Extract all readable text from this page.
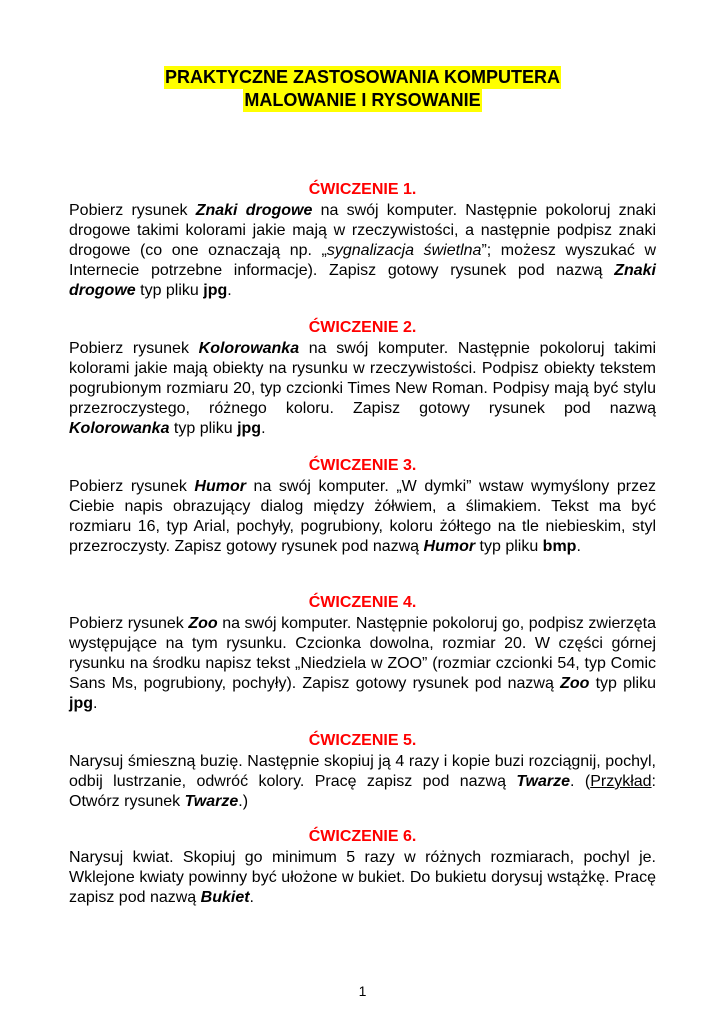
PRAKTYCZNE ZASTOSOWANIA KOMPUTERA
MALOWANIE I RYSOWANIE
ĆWICZENIE 1.

Pobierz rysunek Znaki drogowe na swój komputer. Następnie pokoloruj znaki drogowe takimi kolorami jakie mają w rzeczywistości, a następnie podpisz znaki drogowe (co one oznaczają np. „sygnalizacja świetlna”; możesz wyszukać w Internecie potrzebne informacje). Zapisz gotowy rysunek pod nazwą Znaki drogowe typ pliku jpg.

ĆWICZENIE 2.

Pobierz rysunek Kolorowanka na swój komputer. Następnie pokoloruj takimi kolorami jakie mają obiekty na rysunku w rzeczywistości. Podpisz obiekty tekstem pogrubionym rozmiaru 20, typ czcionki Times New Roman. Podpisy mają być stylu przezroczystego, różnego koloru. Zapisz gotowy rysunek pod nazwą Kolorowanka typ pliku jpg.

ĆWICZENIE 3.

Pobierz rysunek Humor na swój komputer. „W dymki” wstaw wymyślony przez Ciebie napis obrazujący dialog między żółwiem, a ślimakiem. Tekst ma być rozmiaru 16, typ Arial, pochyły, pogrubiony, koloru żółtego na tle niebieskim, styl przezroczysty. Zapisz gotowy rysunek pod nazwą Humor typ pliku bmp.

ĆWICZENIE 4.

Pobierz rysunek Zoo na swój komputer. Następnie pokoloruj go, podpisz zwierzęta występujące na tym rysunku. Czcionka dowolna, rozmiar 20. W części górnej rysunku na środku napisz tekst „Niedziela w ZOO” (rozmiar czcionki 54, typ Comic Sans Ms, pogrubiony, pochyły). Zapisz gotowy rysunek pod nazwą Zoo typ pliku jpg.

ĆWICZENIE 5.

Narysuj śmieszną buzię. Następnie skopiuj ją 4 razy i kopie buzi rozciągnij, pochyl, odbij lustrzanie, odwróć kolory. Pracę zapisz pod nazwą Twarze. (Przykład: Otwórz rysunek Twarze.)

ĆWICZENIE 6.

Narysuj kwiat. Skopiuj go minimum 5 razy w różnych rozmiarach, pochyl je. Wklejone kwiaty powinny być ułożone w bukiet. Do bukietu dorysuj wstążkę. Pracę zapisz pod nazwą Bukiet.

1
